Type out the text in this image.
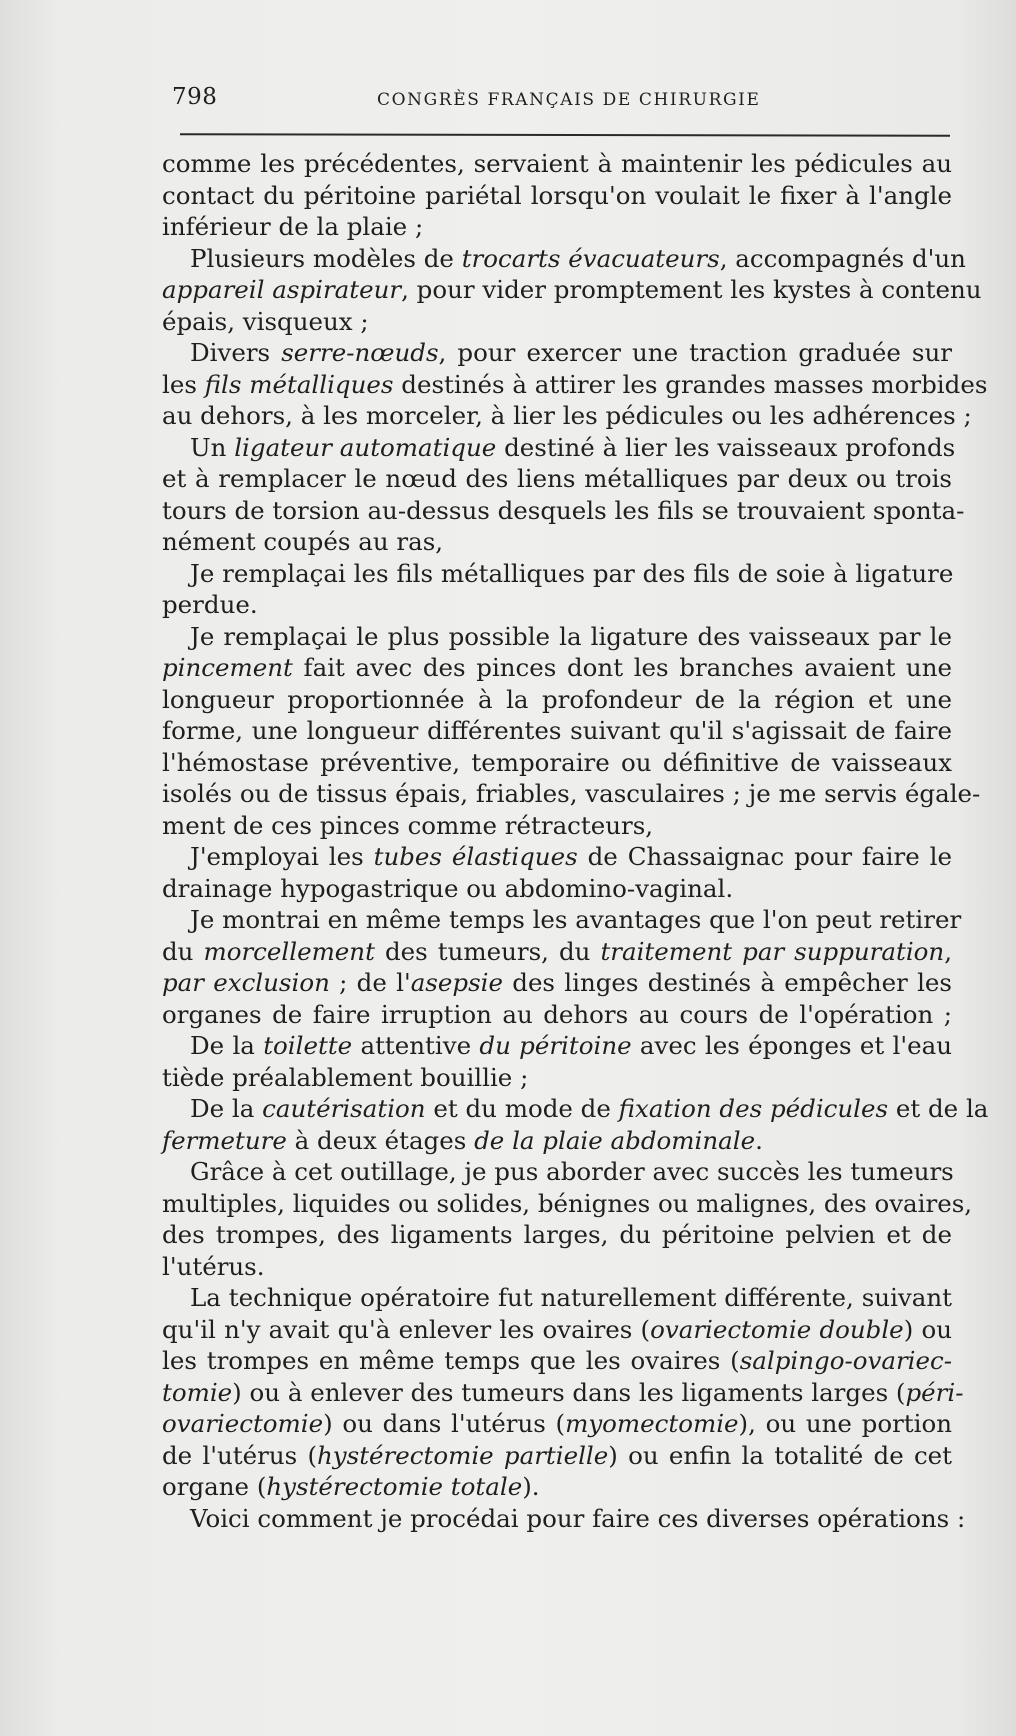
798	CONGRÈS FRANÇAIS DE CHIRURGIE
comme les précédentes, servaient à maintenir les pédicules au
contact du péritoine pariétal lorsqu'on voulait le fixer à l'angle
inférieur de la plaie ;
Plusieurs modèles de trocarts évacuateurs, accompagnés d'un
appareil aspirateur, pour vider promptement les kystes à contenu
épais, visqueux ;
Divers serre-nœuds, pour exercer une traction graduée sur
les fils métalliques destinés à attirer les grandes masses morbides
au dehors, à les morceler, à lier les pédicules ou les adhérences ;
Un ligateur automatique destiné à lier les vaisseaux profonds
et à remplacer le nœud des liens métalliques par deux ou trois
tours de torsion au-dessus desquels les fils se trouvaient sponta-
nément coupés au ras,
Je remplaçai les fils métalliques par des fils de soie à ligature
perdue.
Je remplaçai le plus possible la ligature des vaisseaux par le
pincement fait avec des pinces dont les branches avaient une
longueur proportionnée à la profondeur de la région et une
forme, une longueur différentes suivant qu'il s'agissait de faire
l'hémostase préventive, temporaire ou définitive de vaisseaux
isolés ou de tissus épais, friables, vasculaires ; je me servis égale-
ment de ces pinces comme rétracteurs,
J'employai les tubes élastiques de Chassaignac pour faire le
drainage hypogastrique ou abdomino-vaginal.
Je montrai en même temps les avantages que l'on peut retirer
du morcellement des tumeurs, du traitement par suppuration,
par exclusion ; de l'asepsie des linges destinés à empêcher les
organes de faire irruption au dehors au cours de l'opération ;
De la toilette attentive du péritoine avec les éponges et l'eau
tiède préalablement bouillie ;
De la cautérisation et du mode de fixation des pédicules et de la
fermeture à deux étages de la plaie abdominale.
Grâce à cet outillage, je pus aborder avec succès les tumeurs
multiples, liquides ou solides, bénignes ou malignes, des ovaires,
des trompes, des ligaments larges, du péritoine pelvien et de
l'utérus.
La technique opératoire fut naturellement différente, suivant
qu'il n'y avait qu'à enlever les ovaires (ovariectomie double) ou
les trompes en même temps que les ovaires (salpingo-ovariec-
tomie) ou à enlever des tumeurs dans les ligaments larges (péri-
ovariectomie) ou dans l'utérus (myomectomie), ou une portion
de l'utérus (hystérectomie partielle) ou enfin la totalité de cet
organe (hystérectomie totale).
Voici comment je procédai pour faire ces diverses opérations :
